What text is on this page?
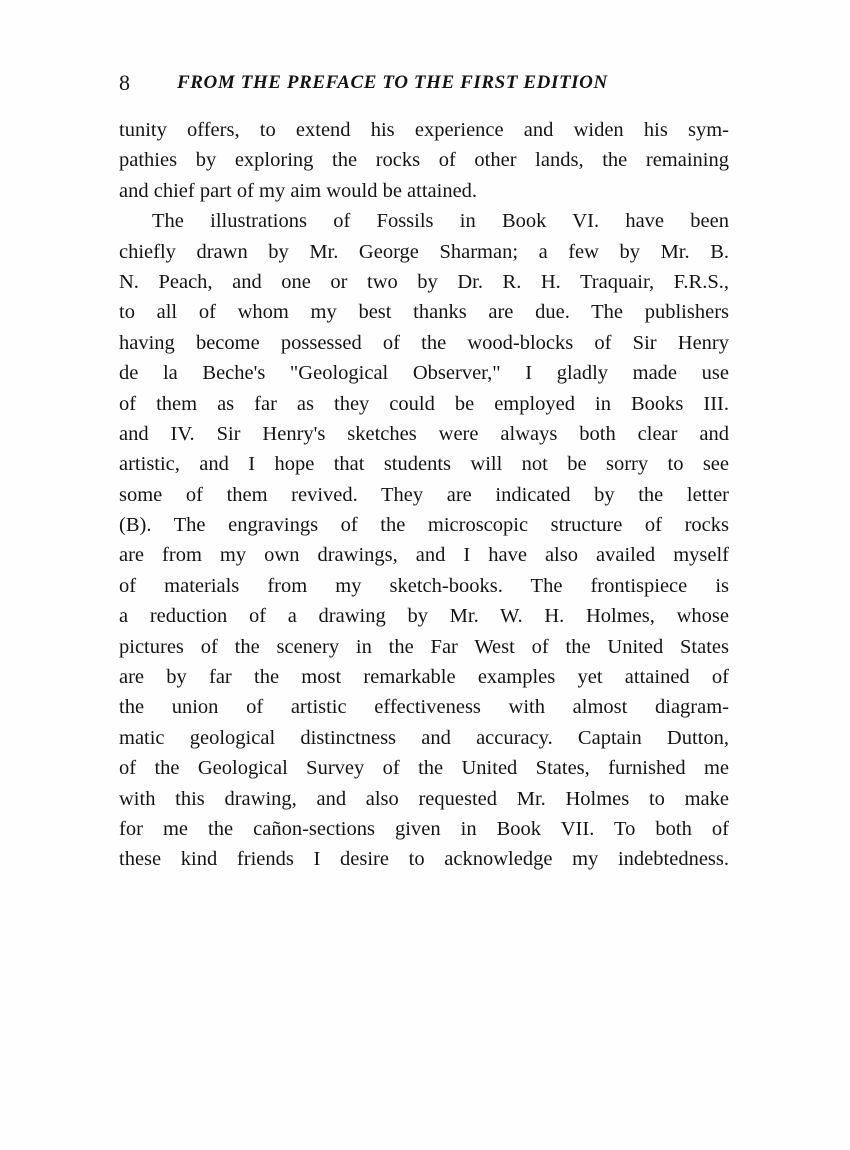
8 FROM THE PREFACE TO THE FIRST EDITION
tunity offers, to extend his experience and widen his sym-
pathies by exploring the rocks of other lands, the remaining
and chief part of my aim would be attained.
The illustrations of Fossils in Book VI. have been
chiefly drawn by Mr. George Sharman; a few by Mr. B.
N. Peach, and one or two by Dr. R. H. Traquair, F.R.S.,
to all of whom my best thanks are due. The publishers
having become possessed of the wood-blocks of Sir Henry
de la Beche's "Geological Observer," I gladly made use
of them as far as they could be employed in Books III.
and IV. Sir Henry's sketches were always both clear and
artistic, and I hope that students will not be sorry to see
some of them revived. They are indicated by the letter
(B). The engravings of the microscopic structure of rocks
are from my own drawings, and I have also availed myself
of materials from my sketch-books. The frontispiece is
a reduction of a drawing by Mr. W. H. Holmes, whose
pictures of the scenery in the Far West of the United States
are by far the most remarkable examples yet attained of
the union of artistic effectiveness with almost diagram-
matic geological distinctness and accuracy. Captain Dutton,
of the Geological Survey of the United States, furnished me
with this drawing, and also requested Mr. Holmes to make
for me the cañon-sections given in Book VII. To both of
these kind friends I desire to acknowledge my indebtedness.
